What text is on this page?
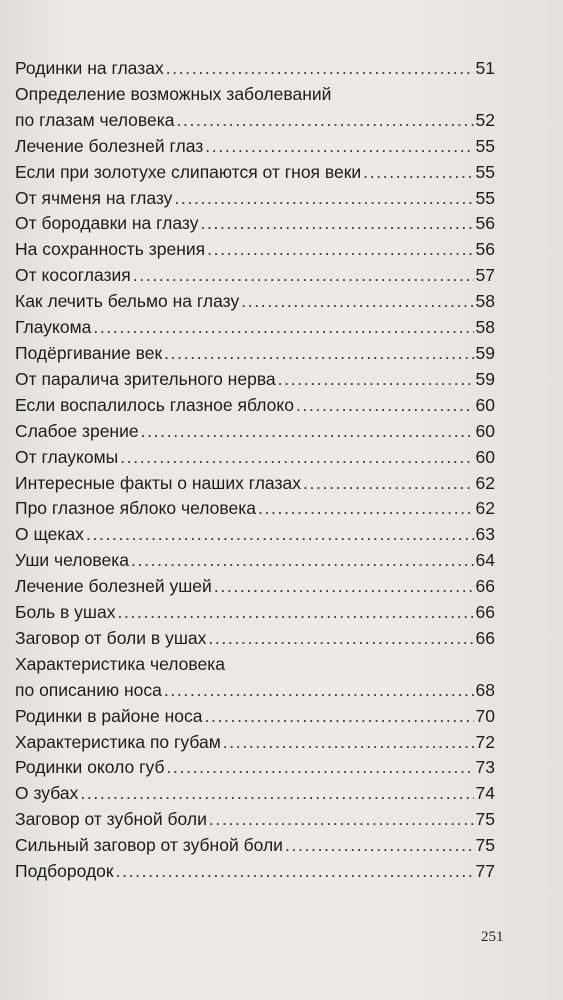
Родинки на глазах . . .	51
Определение возможных заболеваний
по глазам человека . . .	52
Лечение болезней глаз . . .	55
Если при золотухе слипаются от гноя веки . . .	55
От ячменя на глазу . . .	55
От бородавки на глазу . . .	56
На сохранность зрения . . .	56
От косоглазия . . .	57
Как лечить бельмо на глазу . . .	58
Глаукома . . .	58
Подёргивание век . . .	59
От паралича зрительного нерва . . .	59
Если воспалилось глазное яблоко . . .	60
Слабое зрение . . .	60
От глаукомы . . .	60
Интересные факты о наших глазах . . .	62
Про глазное яблоко человека . . .	62
О щеках . . .	63
Уши человека . . .	64
Лечение болезней ушей . . .	66
Боль в ушах . . .	66
Заговор от боли в ушах . . .	66
Характеристика человека
по описанию носа . . .	68
Родинки в районе носа . . .	70
Характеристика по губам . . .	72
Родинки около губ . . .	73
О зубах . . .	74
Заговор от зубной боли . . .	75
Сильный заговор от зубной боли . . .	75
Подбородок . . .	77
251
